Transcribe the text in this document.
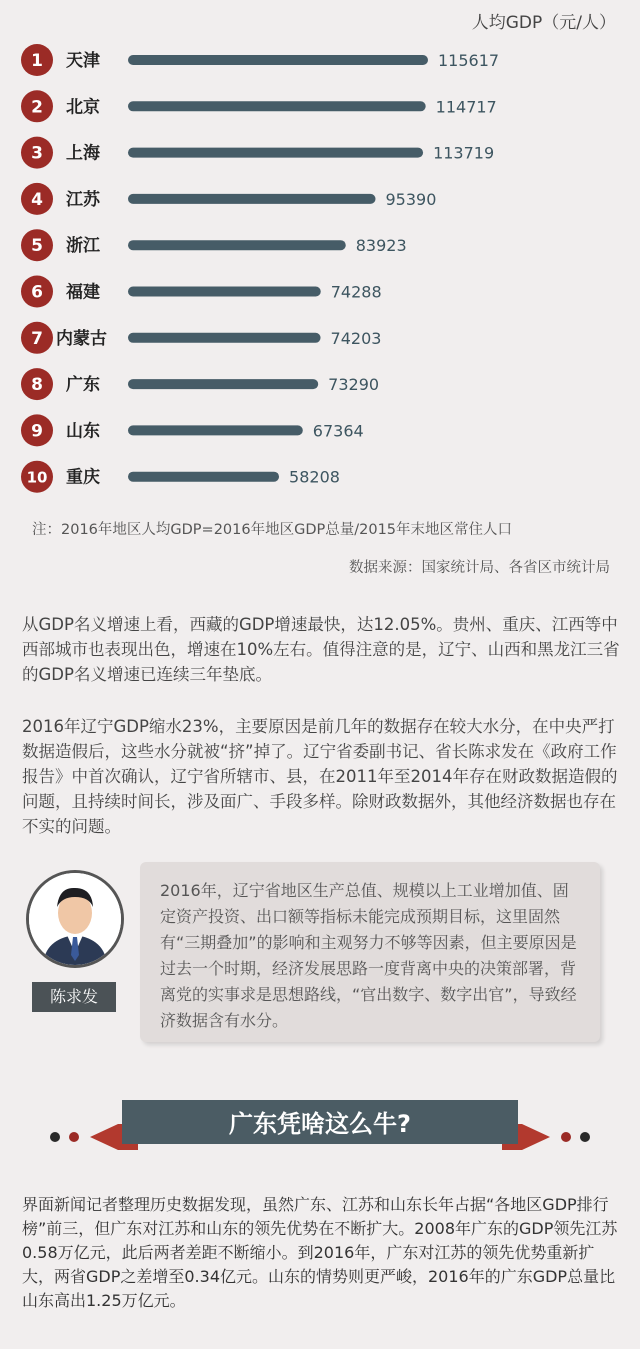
人均GDP（元/人）
1 天津	115617
2 北京	114717
3 上海	113719
4 江苏	95390
5 浙江	83923
6 福建	74288
7 内蒙古	74203
8 广东	73290
9 山东	67364
10 重庆	58208
注：2016年地区人均GDP=2016年地区GDP总量/2015年末地区常住人口
数据来源：国家统计局、各省区市统计局

从GDP名义增速上看，西藏的GDP增速最快，达12.05%。贵州、重庆、江西等中西部城市也表现出色，增速在10%左右。值得注意的是，辽宁、山西和黑龙江三省的GDP名义增速已连续三年垫底。

2016年辽宁GDP缩水23%，主要原因是前几年的数据存在较大水分，在中央严打数据造假后，这些水分就被“挤”掉了。辽宁省委副书记、省长陈求发在《政府工作报告》中首次确认，辽宁省所辖市、县，在2011年至2014年存在财政数据造假的问题，且持续时间长，涉及面广、手段多样。除财政数据外，其他经济数据也存在不实的问题。

陈求发

2016年，辽宁省地区生产总值、规模以上工业增加值、固定资产投资、出口额等指标未能完成预期目标，这里固然有“三期叠加”的影响和主观努力不够等因素，但主要原因是过去一个时期，经济发展思路一度背离中央的决策部署，背离党的实事求是思想路线，“官出数字、数字出官”，导致经济数据含有水分。

广东凭啥这么牛?

界面新闻记者整理历史数据发现，虽然广东、江苏和山东长年占据“各地区GDP排行榜”前三，但广东对江苏和山东的领先优势在不断扩大。2008年广东的GDP领先江苏0.58万亿元，此后两者差距不断缩小。到2016年，广东对江苏的领先优势重新扩大，两省GDP之差增至0.34亿元。山东的情势则更严峻，2016年的广东GDP总量比山东高出1.25万亿元。
